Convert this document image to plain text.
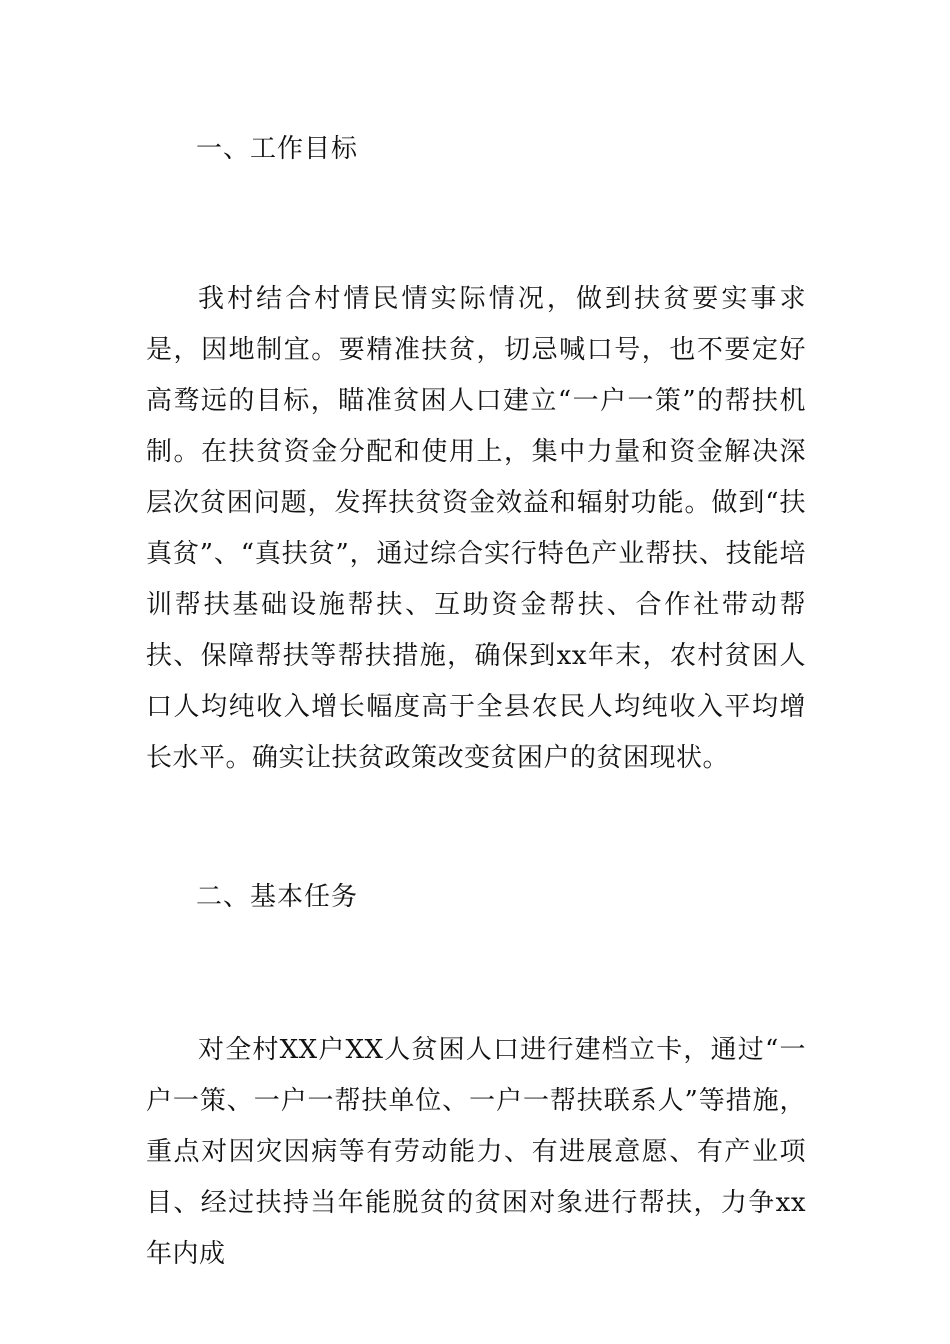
一、工作目标

我村结合村情民情实际情况，做到扶贫要实事求是，因地制宜。要精准扶贫，切忌喊口号，也不要定好高骛远的目标，瞄准贫困人口建立“一户一策”的帮扶机制。在扶贫资金分配和使用上，集中力量和资金解决深层次贫困问题，发挥扶贫资金效益和辐射功能。做到“扶真贫”、“真扶贫”，通过综合实行特色产业帮扶、技能培训帮扶基础设施帮扶、互助资金帮扶、合作社带动帮扶、保障帮扶等帮扶措施，确保到xx年末，农村贫困人口人均纯收入增长幅度高于全县农民人均纯收入平均增长水平。确实让扶贫政策改变贫困户的贫困现状。

二、基本任务

对全村XX户XX人贫困人口进行建档立卡，通过“一户一策、一户一帮扶单位、一户一帮扶联系人”等措施，重点对因灾因病等有劳动能力、有进展意愿、有产业项目、经过扶持当年能脱贫的贫困对象进行帮扶，力争xx年内成
